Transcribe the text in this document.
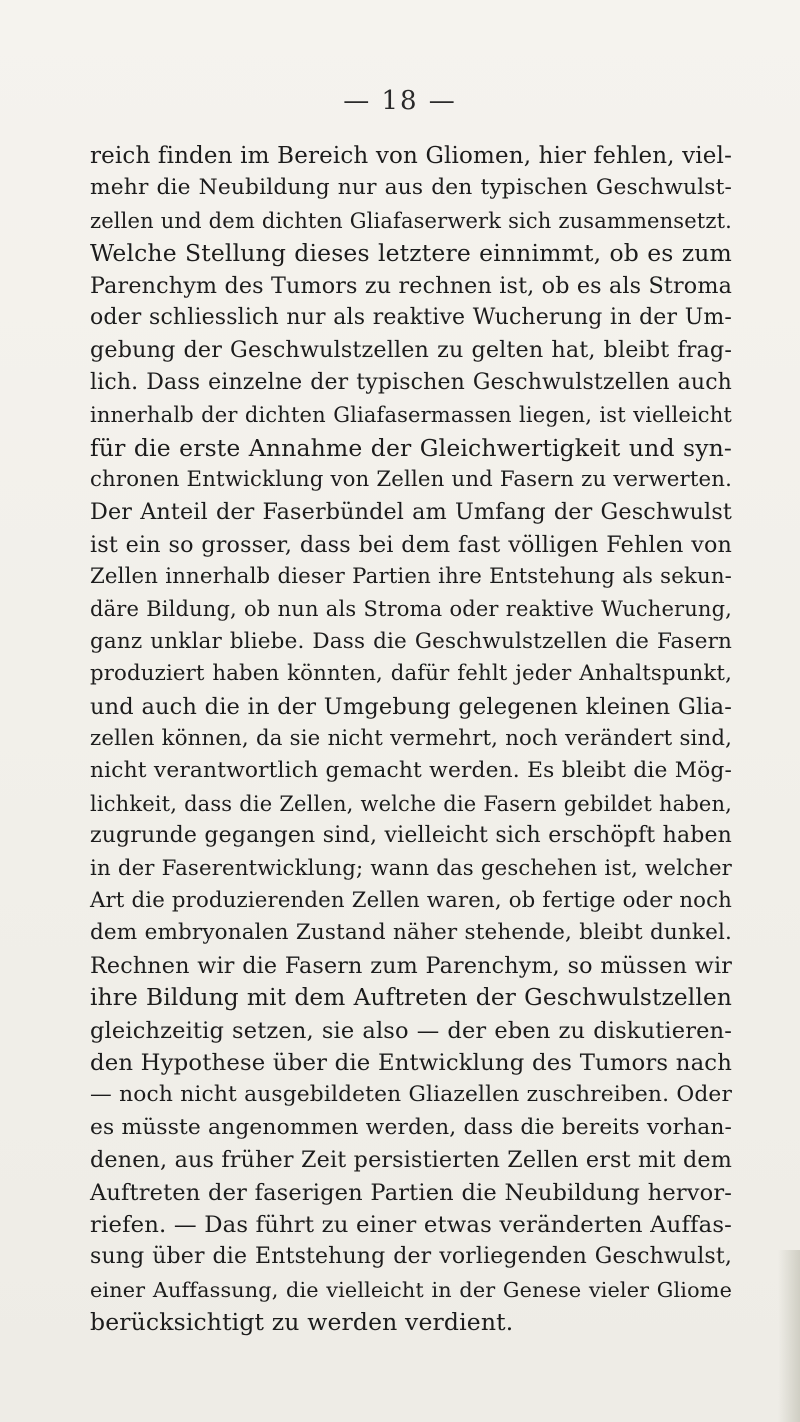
— 18 —
reich finden im Bereich von Gliomen, hier fehlen, viel-
mehr die Neubildung nur aus den typischen Geschwulst-
zellen und dem dichten Gliafaserwerk sich zusammensetzt.
Welche Stellung dieses letztere einnimmt, ob es zum
Parenchym des Tumors zu rechnen ist, ob es als Stroma
oder schliesslich nur als reaktive Wucherung in der Um-
gebung der Geschwulstzellen zu gelten hat, bleibt frag-
lich. Dass einzelne der typischen Geschwulstzellen auch
innerhalb der dichten Gliafasermassen liegen, ist vielleicht
für die erste Annahme der Gleichwertigkeit und syn-
chronen Entwicklung von Zellen und Fasern zu verwerten.
Der Anteil der Faserbündel am Umfang der Geschwulst
ist ein so grosser, dass bei dem fast völligen Fehlen von
Zellen innerhalb dieser Partien ihre Entstehung als sekun-
däre Bildung, ob nun als Stroma oder reaktive Wucherung,
ganz unklar bliebe. Dass die Geschwulstzellen die Fasern
produziert haben könnten, dafür fehlt jeder Anhaltspunkt,
und auch die in der Umgebung gelegenen kleinen Glia-
zellen können, da sie nicht vermehrt, noch verändert sind,
nicht verantwortlich gemacht werden. Es bleibt die Mög-
lichkeit, dass die Zellen, welche die Fasern gebildet haben,
zugrunde gegangen sind, vielleicht sich erschöpft haben
in der Faserentwicklung; wann das geschehen ist, welcher
Art die produzierenden Zellen waren, ob fertige oder noch
dem embryonalen Zustand näher stehende, bleibt dunkel.
Rechnen wir die Fasern zum Parenchym, so müssen wir
ihre Bildung mit dem Auftreten der Geschwulstzellen
gleichzeitig setzen, sie also — der eben zu diskutieren-
den Hypothese über die Entwicklung des Tumors nach
— noch nicht ausgebildeten Gliazellen zuschreiben. Oder
es müsste angenommen werden, dass die bereits vorhan-
denen, aus früher Zeit persistierten Zellen erst mit dem
Auftreten der faserigen Partien die Neubildung hervor-
riefen. — Das führt zu einer etwas veränderten Auffas-
sung über die Entstehung der vorliegenden Geschwulst,
einer Auffassung, die vielleicht in der Genese vieler Gliome
berücksichtigt zu werden verdient.
